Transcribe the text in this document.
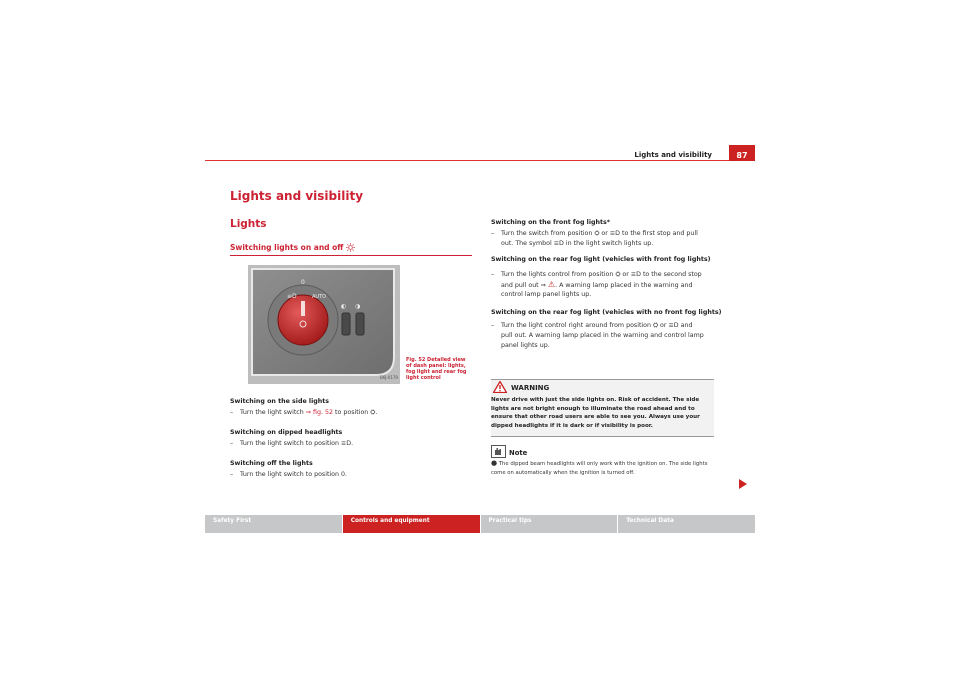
Lights and visibility	87
Lights and visibility
Lights
Switching lights on and off
0
≡D	AUTO
◐ ◑
B6J-0179
Fig. 52 Detailed view of dash panel: lights, fog light and rear fog light control
Switching on the side lights
– Turn the light switch ⇒ fig. 52 to position ⛭.
Switching on dipped headlights
– Turn the light switch to position ≡D.
Switching off the lights
– Turn the light switch to position 0.
Switching on the front fog lights*
– Turn the switch from position ⛭ or ≡D to the first stop and pull
out. The symbol ≡D in the light switch lights up.
Switching on the rear fog light (vehicles with front fog lights)
– Turn the lights control from position ⛭ or ≡D to the second stop
and pull out ⇒ ⚠. A warning lamp placed in the warning and
control lamp panel lights up.
Switching on the rear fog light (vehicles with no front fog lights)
– Turn the light control right around from position ⛭ or ≡D and
pull out. A warning lamp placed in the warning and control lamp
panel lights up.
WARNING
Never drive with just the side lights on. Risk of accident. The side lights are not bright enough to illuminate the road ahead and to ensure that other road users are able to see you. Always use your dipped headlights if it is dark or if visibility is poor.
Note
● The dipped beam headlights will only work with the ignition on. The side lights come on automatically when the ignition is turned off.
Safety First	Controls and equipment	Practical tips	Technical Data
